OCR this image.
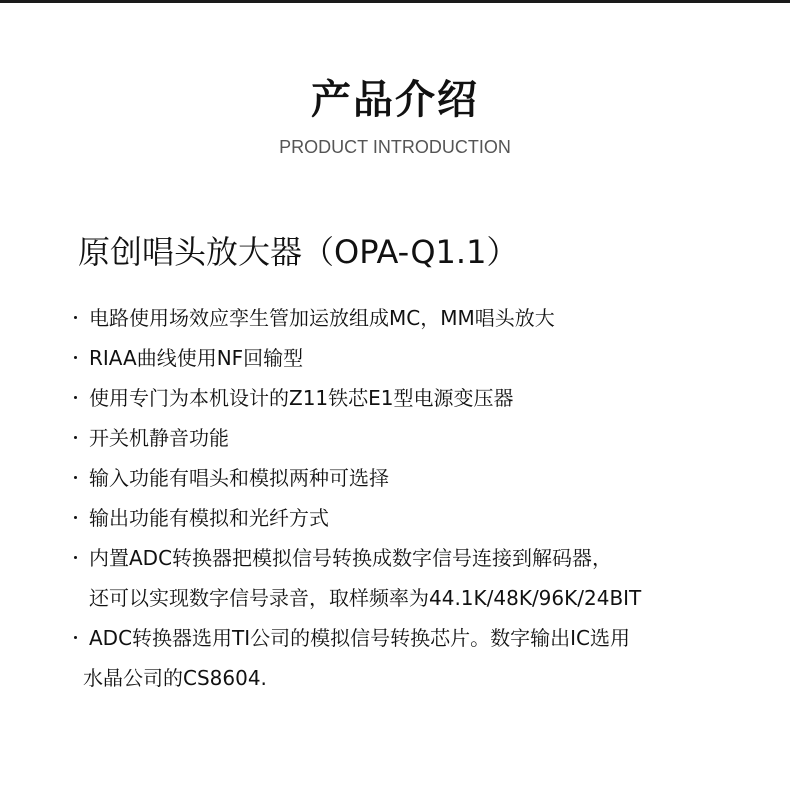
产品介绍
PRODUCT INTRODUCTION
原创唱头放大器（OPA-Q1.1）
电路使用场效应孪生管加运放组成MC，MM唱头放大
RIAA曲线使用NF回输型
使用专门为本机设计的Z11铁芯E1型电源变压器
开关机静音功能
输入功能有唱头和模拟两种可选择
输出功能有模拟和光纤方式
内置ADC转换器把模拟信号转换成数字信号连接到解码器，
还可以实现数字信号录音，取样频率为44.1K/48K/96K/24BIT
ADC转换器选用TI公司的模拟信号转换芯片。数字输出IC选用
水晶公司的CS8604.
